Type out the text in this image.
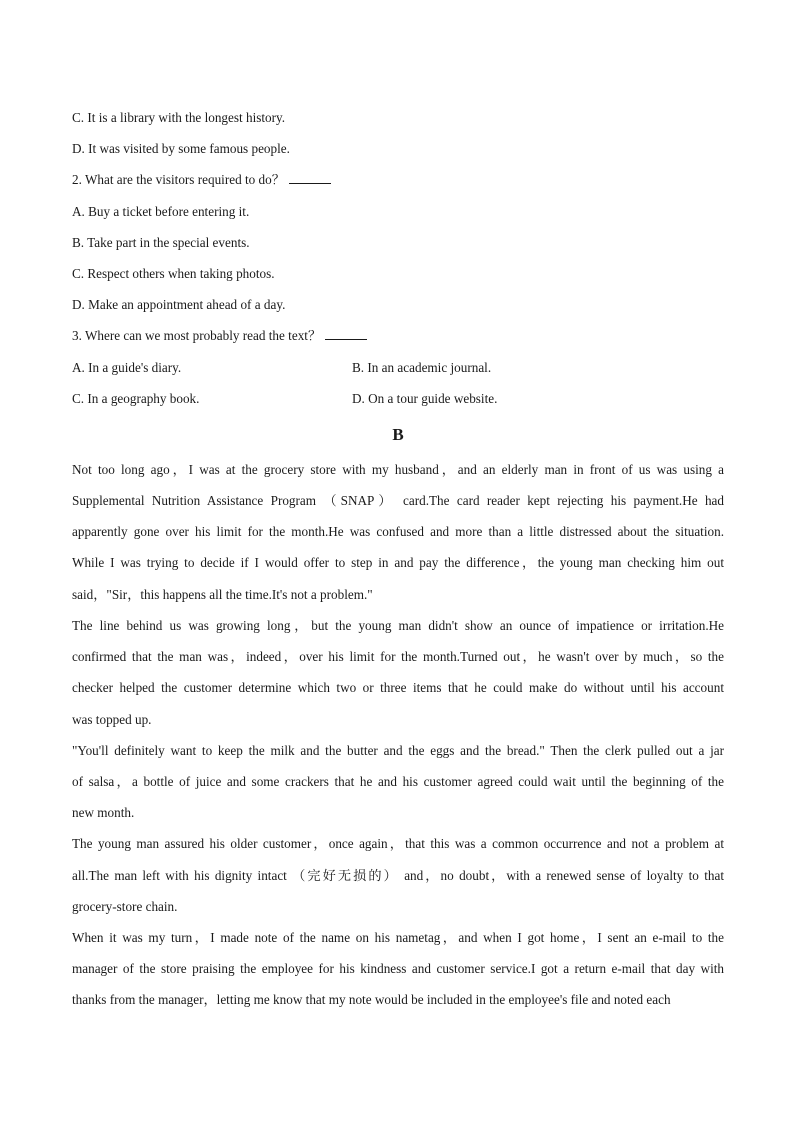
C. It is a library with the longest history.
D. It was visited by some famous people.
2. What are the visitors required to do？
A. Buy a ticket before entering it.
B. Take part in the special events.
C. Respect others when taking photos.
D. Make an appointment ahead of a day.
3. Where can we most probably read the text？
A. In a guide's diary.	B. In an academic journal.
C. In a geography book.	D. On a tour guide website.
B
Not too long ago，I was at the grocery store with my husband，and an elderly man in front of us was using a
Supplemental Nutrition Assistance Program （SNAP） card.The card reader kept rejecting his payment.He had
apparently gone over his limit for the month.He was confused and more than a little distressed about the situation.
While I was trying to decide if I would offer to step in and pay the difference，the young man checking him out
said，"Sir，this happens all the time.It's not a problem."
The line behind us was growing long，but the young man didn't show an ounce of impatience or irritation.He
confirmed that the man was，indeed，over his limit for the month.Turned out，he wasn't over by much，so the
checker helped the customer determine which two or three items that he could make do without until his account
was topped up.
"You'll definitely want to keep the milk and the butter and the eggs and the bread." Then the clerk pulled out a jar
of salsa，a bottle of juice and some crackers that he and his customer agreed could wait until the beginning of the
new month.
The young man assured his older customer，once again，that this was a common occurrence and not a problem at
all.The man left with his dignity intact （完好无损的） and，no doubt，with a renewed sense of loyalty to that
grocery-store chain.
When it was my turn，I made note of the name on his nametag，and when I got home，I sent an e-mail to the
manager of the store praising the employee for his kindness and customer service.I got a return e-mail that day with
thanks from the manager，letting me know that my note would be included in the employee's file and noted each
